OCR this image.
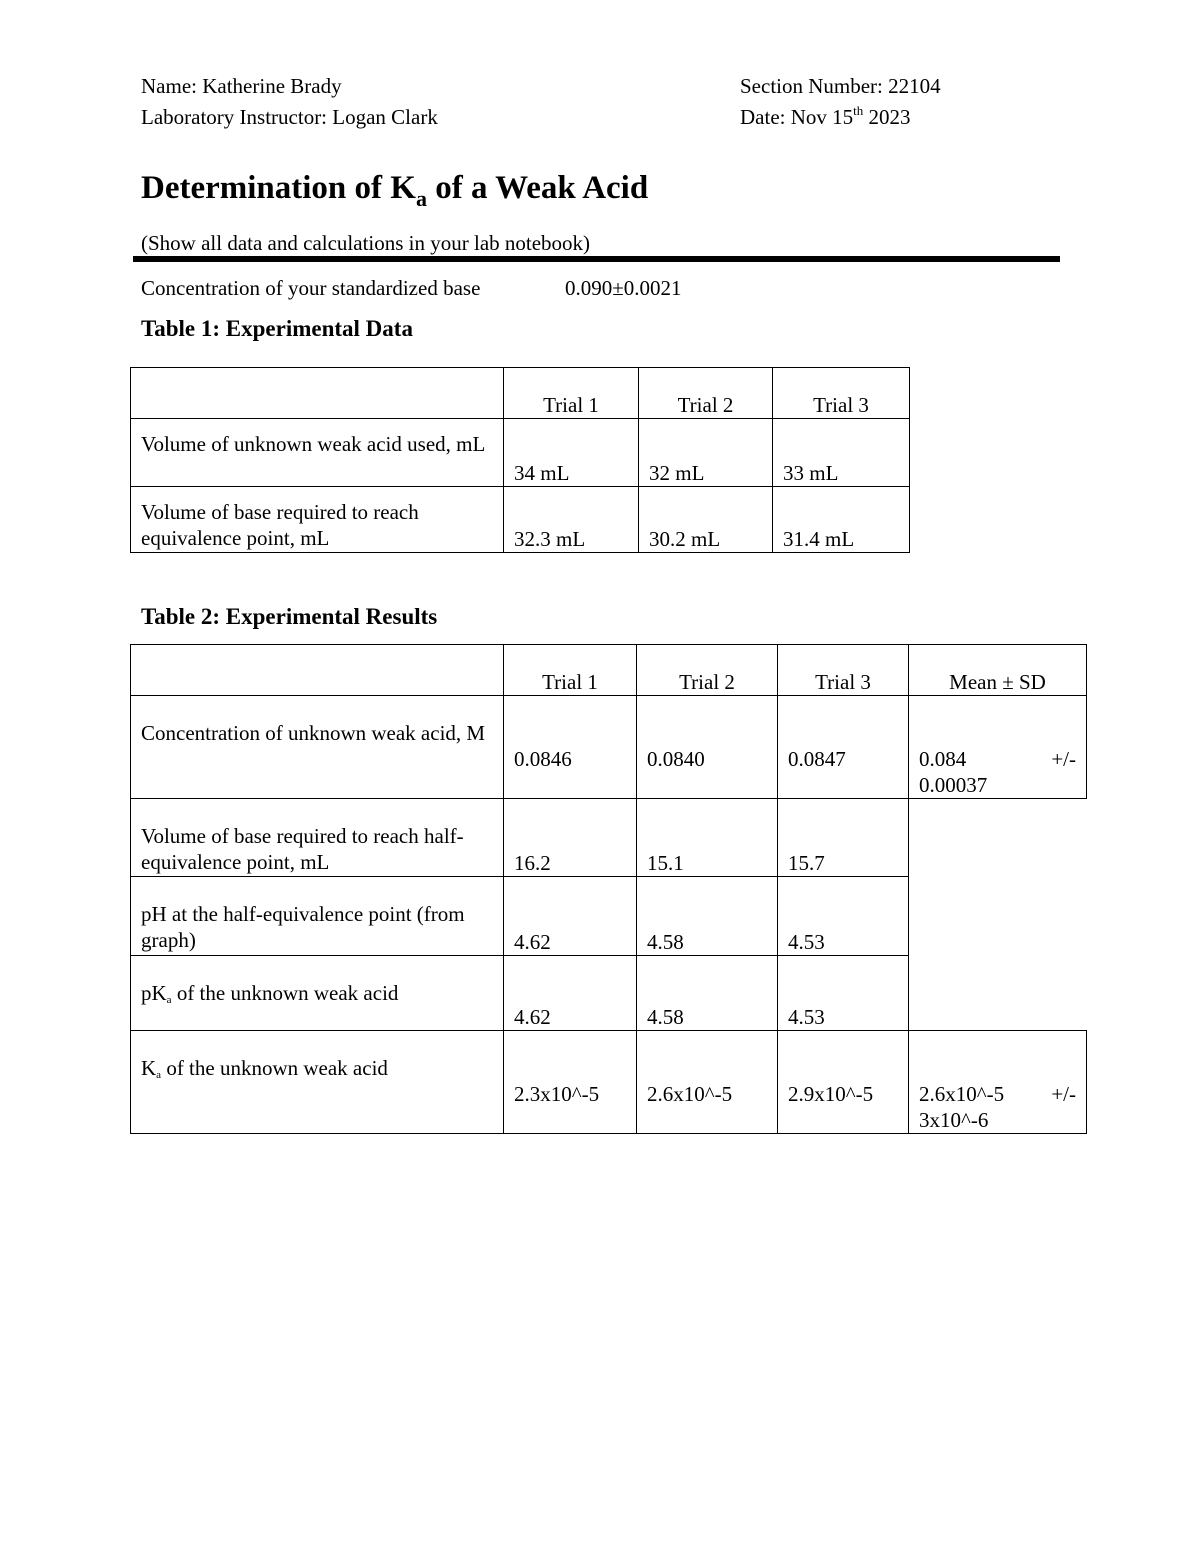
Name: Katherine Brady	Section Number: 22104
Laboratory Instructor: Logan Clark	Date: Nov 15th 2023
Determination of $K_a$ of a Weak Acid
(Show all data and calculations in your lab notebook)
Concentration of your standardized base	0.090±0.0021
Table 1: Experimental Data
	Trial 1	Trial 2	Trial 3
Volume of unknown weak acid used, mL	34 mL	32 mL	33 mL
Volume of base required to reach equivalence point, mL	32.3 mL	30.2 mL	31.4 mL
Table 2: Experimental Results
	Trial 1	Trial 2	Trial 3	Mean ± SD
Concentration of unknown weak acid, M	0.0846	0.0840	0.0847	0.084 +/-

0.00037
Volume of base required to reach half-equivalence point, mL	16.2	15.1	15.7	
pH at the half-equivalence point (from graph)	4.62	4.58	4.53	
$pK_a$ of the unknown weak acid	4.62	4.58	4.53	
$K_a$ of the unknown weak acid	2.3x10^-5	2.6x10^-5	2.9x10^-5	2.6x10^-5 +/-

3x10^-6
